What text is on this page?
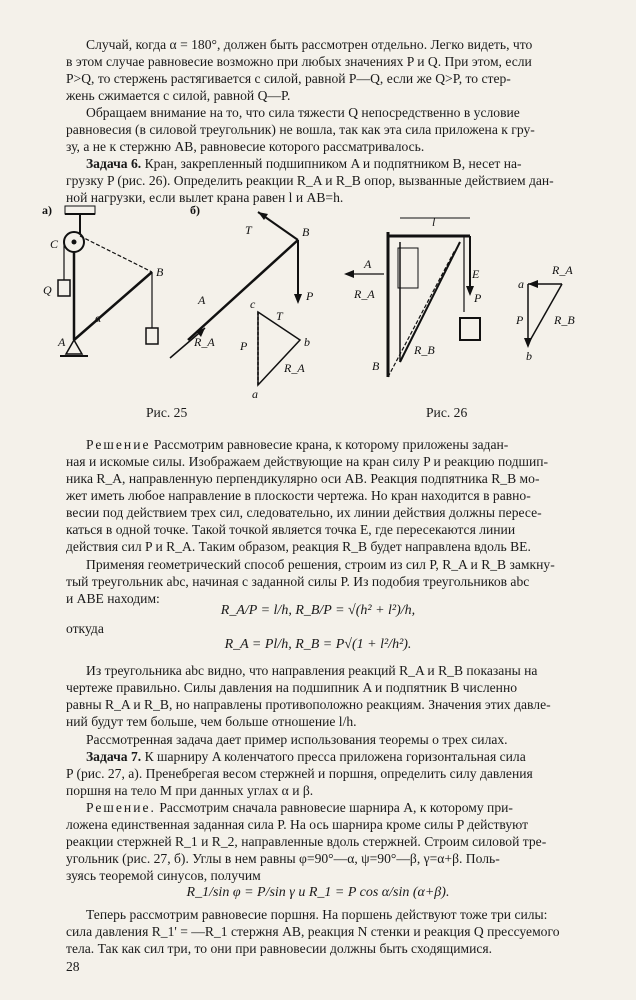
Случай, когда α = 180°, должен быть рассмотрен отдельно. Легко видеть, что

в этом случае равновесие возможно при любых значениях P и Q. При этом, если

P>Q, то стержень растягивается с силой, равной P—Q, если же Q>P, то стер-

жень сжимается с силой, равной Q—P.

Обращаем внимание на то, что сила тяжести Q непосредственно в условие

равновесия (в силовой треугольник) не вошла, так как эта сила приложена к гру-

зу, а не к стержню AB, равновесие которого рассматривалось.

Задача 6. Кран, закрепленный подшипником A и подпятником B, несет на-

грузку P (рис. 26). Определить реакции R_A и R_B опор, вызванные действием дан-

ной нагрузки, если вылет крана равен l и AB=h.

а)
C
Q
B
α
A
б)
A
R_A
T	B
P
c
b
a
P
T
R_A
Рис. 25
l
A
R_A
B
R_B
E
P
a
b
R_A
P	R_B
Рис. 26

Решение Рассмотрим равновесие крана, к которому приложены задан-

ная и искомые силы. Изображаем действующие на кран силу P и реакцию подшип-

ника R_A, направленную перпендикулярно оси AB. Реакция подпятника R_B мо-

жет иметь любое направление в плоскости чертежа. Но кран находится в равно-

весии под действием трех сил, следовательно, их линии действия должны пересе-

каться в одной точке. Такой точкой является точка E, где пересекаются линии

действия сил P и R_A. Таким образом, реакция R_B будет направлена вдоль BE.

Применяя геометрический способ решения, строим из сил P, R_A и R_B замкну-

тый треугольник abc, начиная с заданной силы P. Из подобия треугольников abc

и ABE находим:

R_A/P = l/h, R_B/P = √(h² + l²)/h,

откуда

R_A = Pl/h, R_B = P√(1 + l²/h²).

Из треугольника abc видно, что направления реакций R_A и R_B показаны на

чертеже правильно. Силы давления на подшипник A и подпятник B численно

равны R_A и R_B, но направлены противоположно реакциям. Значения этих давле-

ний будут тем больше, чем больше отношение l/h.

Рассмотренная задача дает пример использования теоремы о трех силах.

Задача 7. К шарниру A коленчатого пресса приложена горизонтальная сила

P (рис. 27, а). Пренебрегая весом стержней и поршня, определить силу давления

поршня на тело M при данных углах α и β.

Решение. Рассмотрим сначала равновесие шарнира A, к которому при-

ложена единственная заданная сила P. На ось шарнира кроме силы P действуют

реакции стержней R_1 и R_2, направленные вдоль стержней. Строим силовой тре-

угольник (рис. 27, б). Углы в нем равны φ=90°—α, ψ=90°—β, γ=α+β. Поль-

зуясь теоремой синусов, получим

R_1/sin φ = P/sin γ и R_1 = P cos α/sin (α+β).

Теперь рассмотрим равновесие поршня. На поршень действуют тоже три силы:

сила давления R_1' = —R_1 стержня AB, реакция N стенки и реакция Q прессуемого

тела. Так как сил три, то они при равновесии должны быть сходящимися.

28
